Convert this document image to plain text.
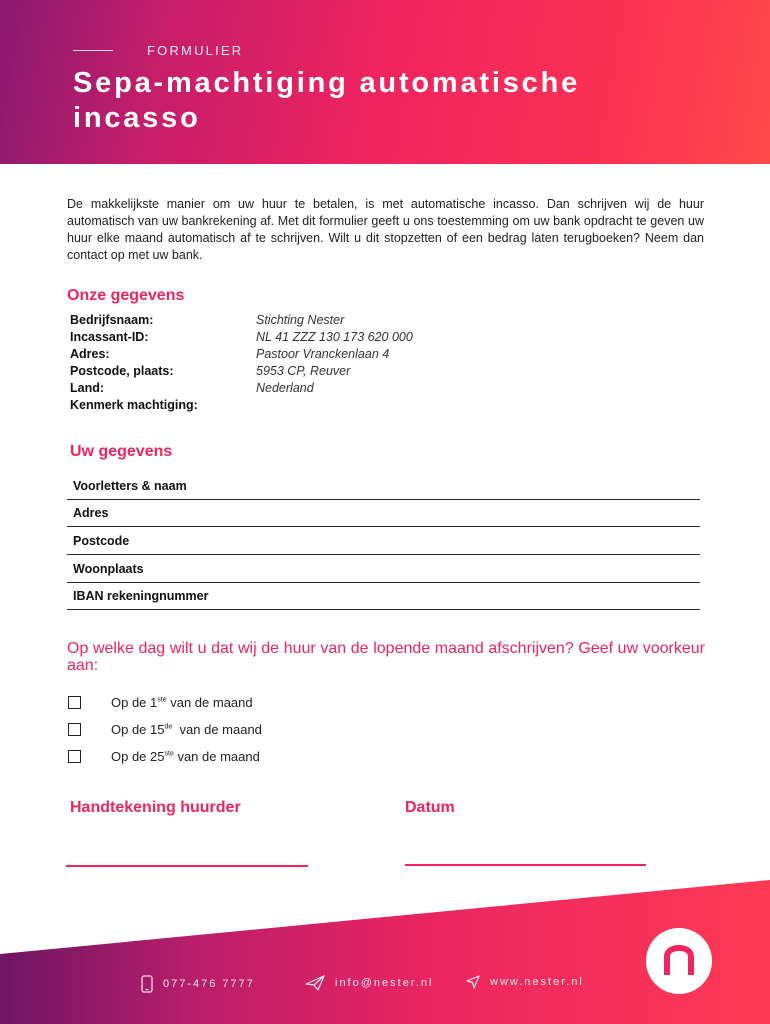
FORMULIER
Sepa-machtiging automatische incasso

De makkelijkste manier om uw huur te betalen, is met automatische incasso. Dan schrijven wij de huur automatisch van uw bankrekening af. Met dit formulier geeft u ons toestemming om uw bank opdracht te geven uw huur elke maand automatisch af te schrijven. Wilt u dit stopzetten of een bedrag laten terugboeken? Neem dan contact op met uw bank.

Onze gegevens
Bedrijfsnaam:	Stichting Nester
Incassant-ID:	NL 41 ZZZ 130 173 620 000
Adres:	Pastoor Vranckenlaan 4
Postcode, plaats:	5953 CP, Reuver
Land:	Nederland
Kenmerk machtiging:
Uw gegevens
Voorletters & naam
Adres
Postcode
Woonplaats
IBAN rekeningnummer
Op welke dag wilt u dat wij de huur van de lopende maand afschrijven? Geef uw voorkeur aan:
Op de 1ste van de maand
Op de 15de  van de maand
Op de 25ste van de maand
Handtekening huurder	Datum
077-476 7777	info@nester.nl	www.nester.nl
